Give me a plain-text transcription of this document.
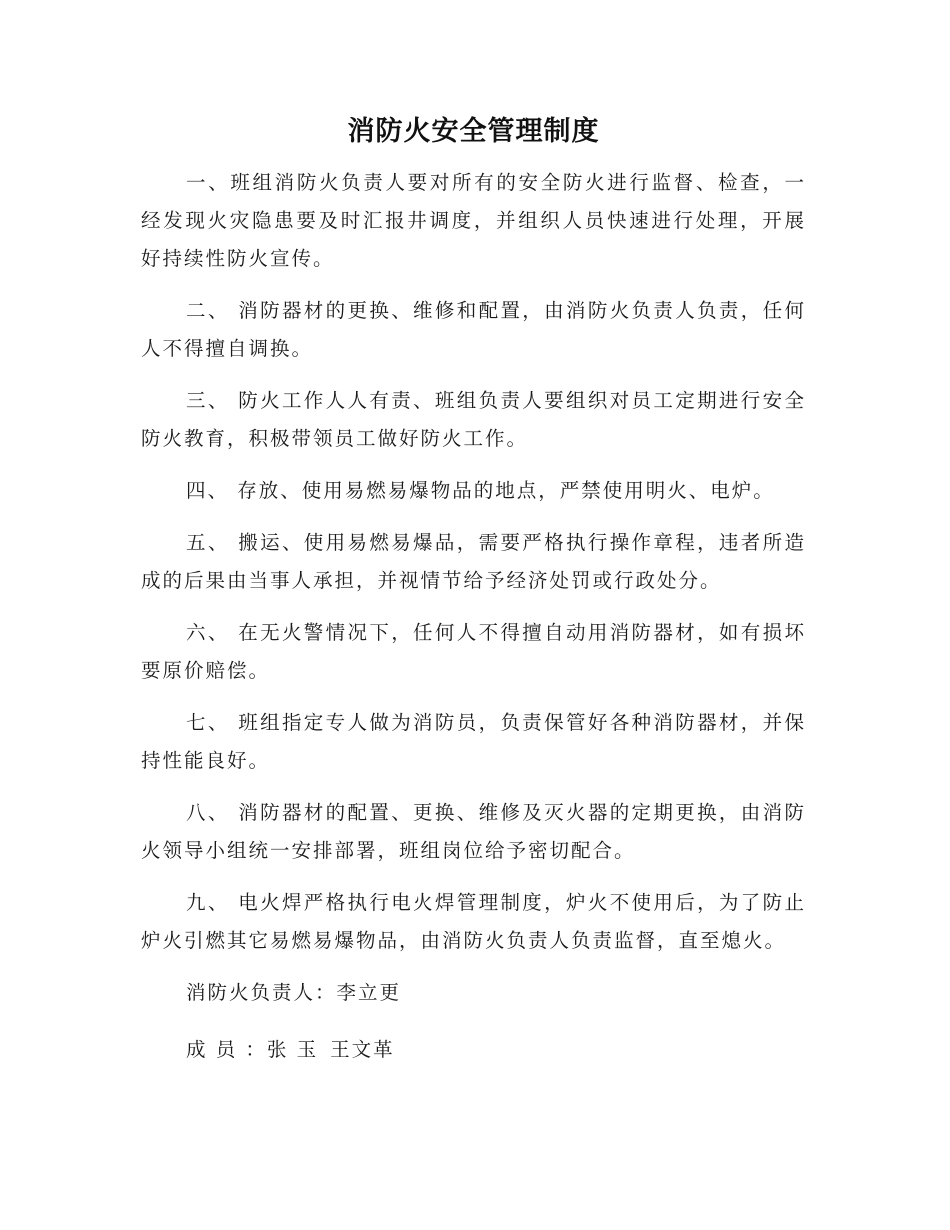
消防火安全管理制度

一、班组消防火负责人要对所有的安全防火进行监督、检查，一经发现火灾隐患要及时汇报井调度，并组织人员快速进行处理，开展好持续性防火宣传。

二、 消防器材的更换、维修和配置，由消防火负责人负责，任何人不得擅自调换。

三、 防火工作人人有责、班组负责人要组织对员工定期进行安全防火教育，积极带领员工做好防火工作。

四、 存放、使用易燃易爆物品的地点，严禁使用明火、电炉。

五、 搬运、使用易燃易爆品，需要严格执行操作章程，违者所造成的后果由当事人承担，并视情节给予经济处罚或行政处分。

六、 在无火警情况下，任何人不得擅自动用消防器材，如有损坏要原价赔偿。

七、 班组指定专人做为消防员，负责保管好各种消防器材，并保持性能良好。

八、 消防器材的配置、更换、维修及灭火器的定期更换，由消防火领导小组统一安排部署，班组岗位给予密切配合。

九、 电火焊严格执行电火焊管理制度，炉火不使用后，为了防止炉火引燃其它易燃易爆物品，由消防火负责人负责监督，直至熄火。

消防火负责人：李立更

成 员 ：张 玉 王文革
